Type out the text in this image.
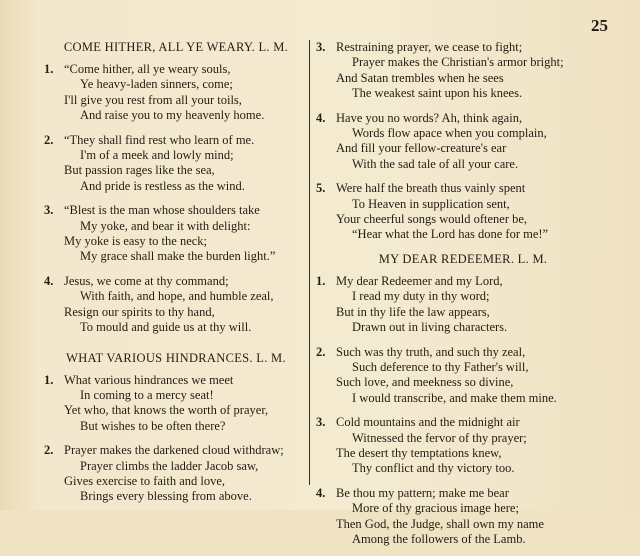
25
COME HITHER, ALL YE WEARY. L. M.
1. “Come hither, all ye weary souls,
Ye heavy-laden sinners, come;
I'll give you rest from all your toils,
And raise you to my heavenly home.
2. “They shall find rest who learn of me.
I'm of a meek and lowly mind;
But passion rages like the sea,
And pride is restless as the wind.
3. “Blest is the man whose shoulders take
My yoke, and bear it with delight:
My yoke is easy to the neck;
My grace shall make the burden light.”
4. Jesus, we come at thy command;
With faith, and hope, and humble zeal,
Resign our spirits to thy hand,
To mould and guide us at thy will.
WHAT VARIOUS HINDRANCES. L. M.
1. What various hindrances we meet
In coming to a mercy seat!
Yet who, that knows the worth of prayer,
But wishes to be often there?
2. Prayer makes the darkened cloud withdraw;
Prayer climbs the ladder Jacob saw,
Gives exercise to faith and love,
Brings every blessing from above.
3. Restraining prayer, we cease to fight;
Prayer makes the Christian's armor bright;
And Satan trembles when he sees
The weakest saint upon his knees.
4. Have you no words? Ah, think again,
Words flow apace when you complain,
And fill your fellow-creature's ear
With the sad tale of all your care.
5. Were half the breath thus vainly spent
To Heaven in supplication sent,
Your cheerful songs would oftener be,
“Hear what the Lord has done for me!”
MY DEAR REDEEMER. L. M.
1. My dear Redeemer and my Lord,
I read my duty in thy word;
But in thy life the law appears,
Drawn out in living characters.
2. Such was thy truth, and such thy zeal,
Such deference to thy Father's will,
Such love, and meekness so divine,
I would transcribe, and make them mine.
3. Cold mountains and the midnight air
Witnessed the fervor of thy prayer;
The desert thy temptations knew,
Thy conflict and thy victory too.
4. Be thou my pattern; make me bear
More of thy gracious image here;
Then God, the Judge, shall own my name
Among the followers of the Lamb.
